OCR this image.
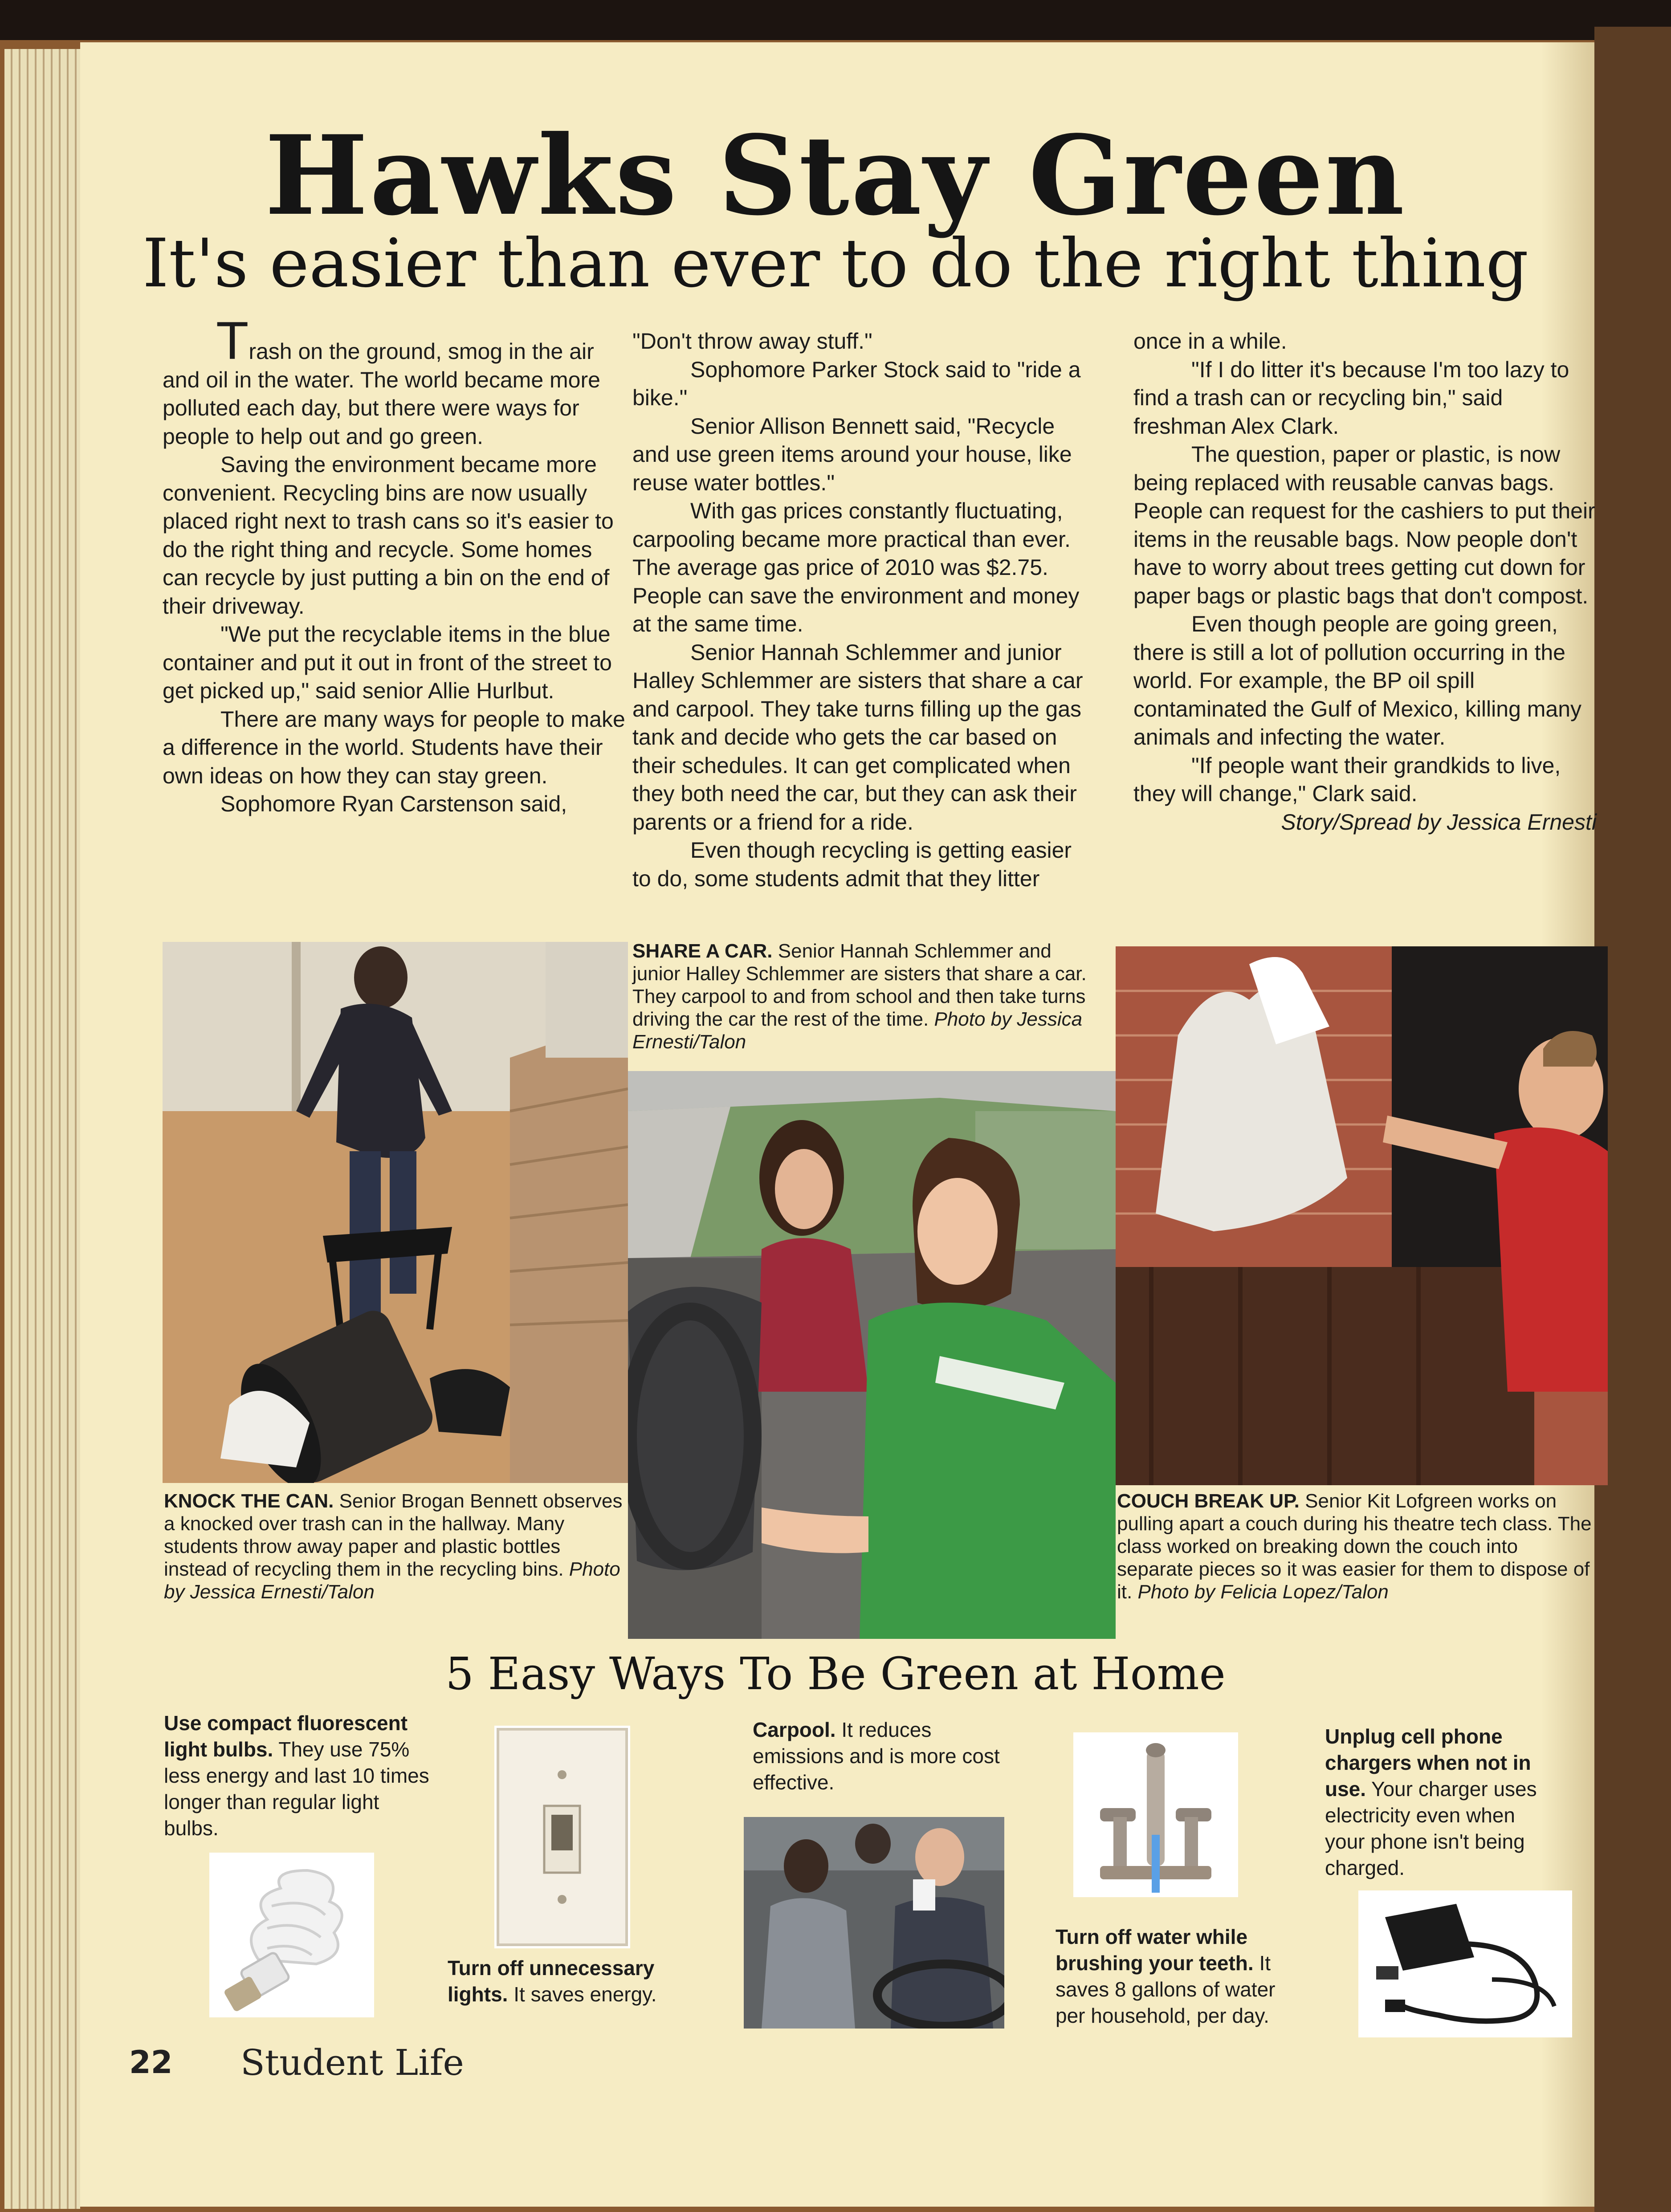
Hawks Stay Green
It's easier than ever to do the right thing

Trash on the ground, smog in the air and oil in the water. The world became more polluted each day, but there were ways for people to help out and go green.

Saving the environment became more convenient. Recycling bins are now usually placed right next to trash cans so it's easier to do the right thing and recycle. Some homes can recycle by just putting a bin on the end of their driveway.

"We put the recyclable items in the blue container and put it out in front of the street to get picked up," said senior Allie Hurlbut.

There are many ways for people to make a difference in the world. Students have their own ideas on how they can stay green.

Sophomore Ryan Carstenson said,

"Don't throw away stuff."

Sophomore Parker Stock said to "ride a bike."

Senior Allison Bennett said, "Recycle and use green items around your house, like reuse water bottles."

With gas prices constantly fluctuating, carpooling became more practical than ever. The average gas price of 2010 was $2.75. People can save the environment and money at the same time.

Senior Hannah Schlemmer and junior Halley Schlemmer are sisters that share a car and carpool. They take turns filling up the gas tank and decide who gets the car based on their schedules. It can get complicated when they both need the car, but they can ask their parents or a friend for a ride.

Even though recycling is getting easier to do, some students admit that they litter

once in a while.

"If I do litter it's because I'm too lazy to find a trash can or recycling bin," said freshman Alex Clark.

The question, paper or plastic, is now being replaced with reusable canvas bags. People can request for the cashiers to put their items in the reusable bags. Now people don't have to worry about trees getting cut down for paper bags or plastic bags that don't compost.

Even though people are going green, there is still a lot of pollution occurring in the world. For example, the BP oil spill contaminated the Gulf of Mexico, killing many animals and infecting the water.

"If people want their grandkids to live, they will change," Clark said.

Story/Spread by Jessica Ernesti

SHARE A CAR. Senior Hannah Schlemmer and junior Halley Schlemmer are sisters that share a car. They carpool to and from school and then take turns driving the car the rest of the time. Photo by Jessica Ernesti/Talon
KNOCK THE CAN. Senior Brogan Bennett observes a knocked over trash can in the hallway. Many students throw away paper and plastic bottles instead of recycling them in the recycling bins. Photo by Jessica Ernesti/Talon
COUCH BREAK UP. Senior Kit Lofgreen works on pulling apart a couch during his theatre tech class. The class worked on breaking down the couch into separate pieces so it was easier for them to dispose of it. Photo by Felicia Lopez/Talon
5 Easy Ways To Be Green at Home
Use compact fluorescent light bulbs. They use 75% less energy and last 10 times longer than regular light bulbs.
Turn off unnecessary lights. It saves energy.
Carpool. It reduces emissions and is more cost effective.
Turn off water while brushing your teeth. It saves 8 gallons of water per household, per day.
Unplug cell phone chargers when not in use. Your charger uses electricity even when your phone isn't being charged.
22 Student Life
